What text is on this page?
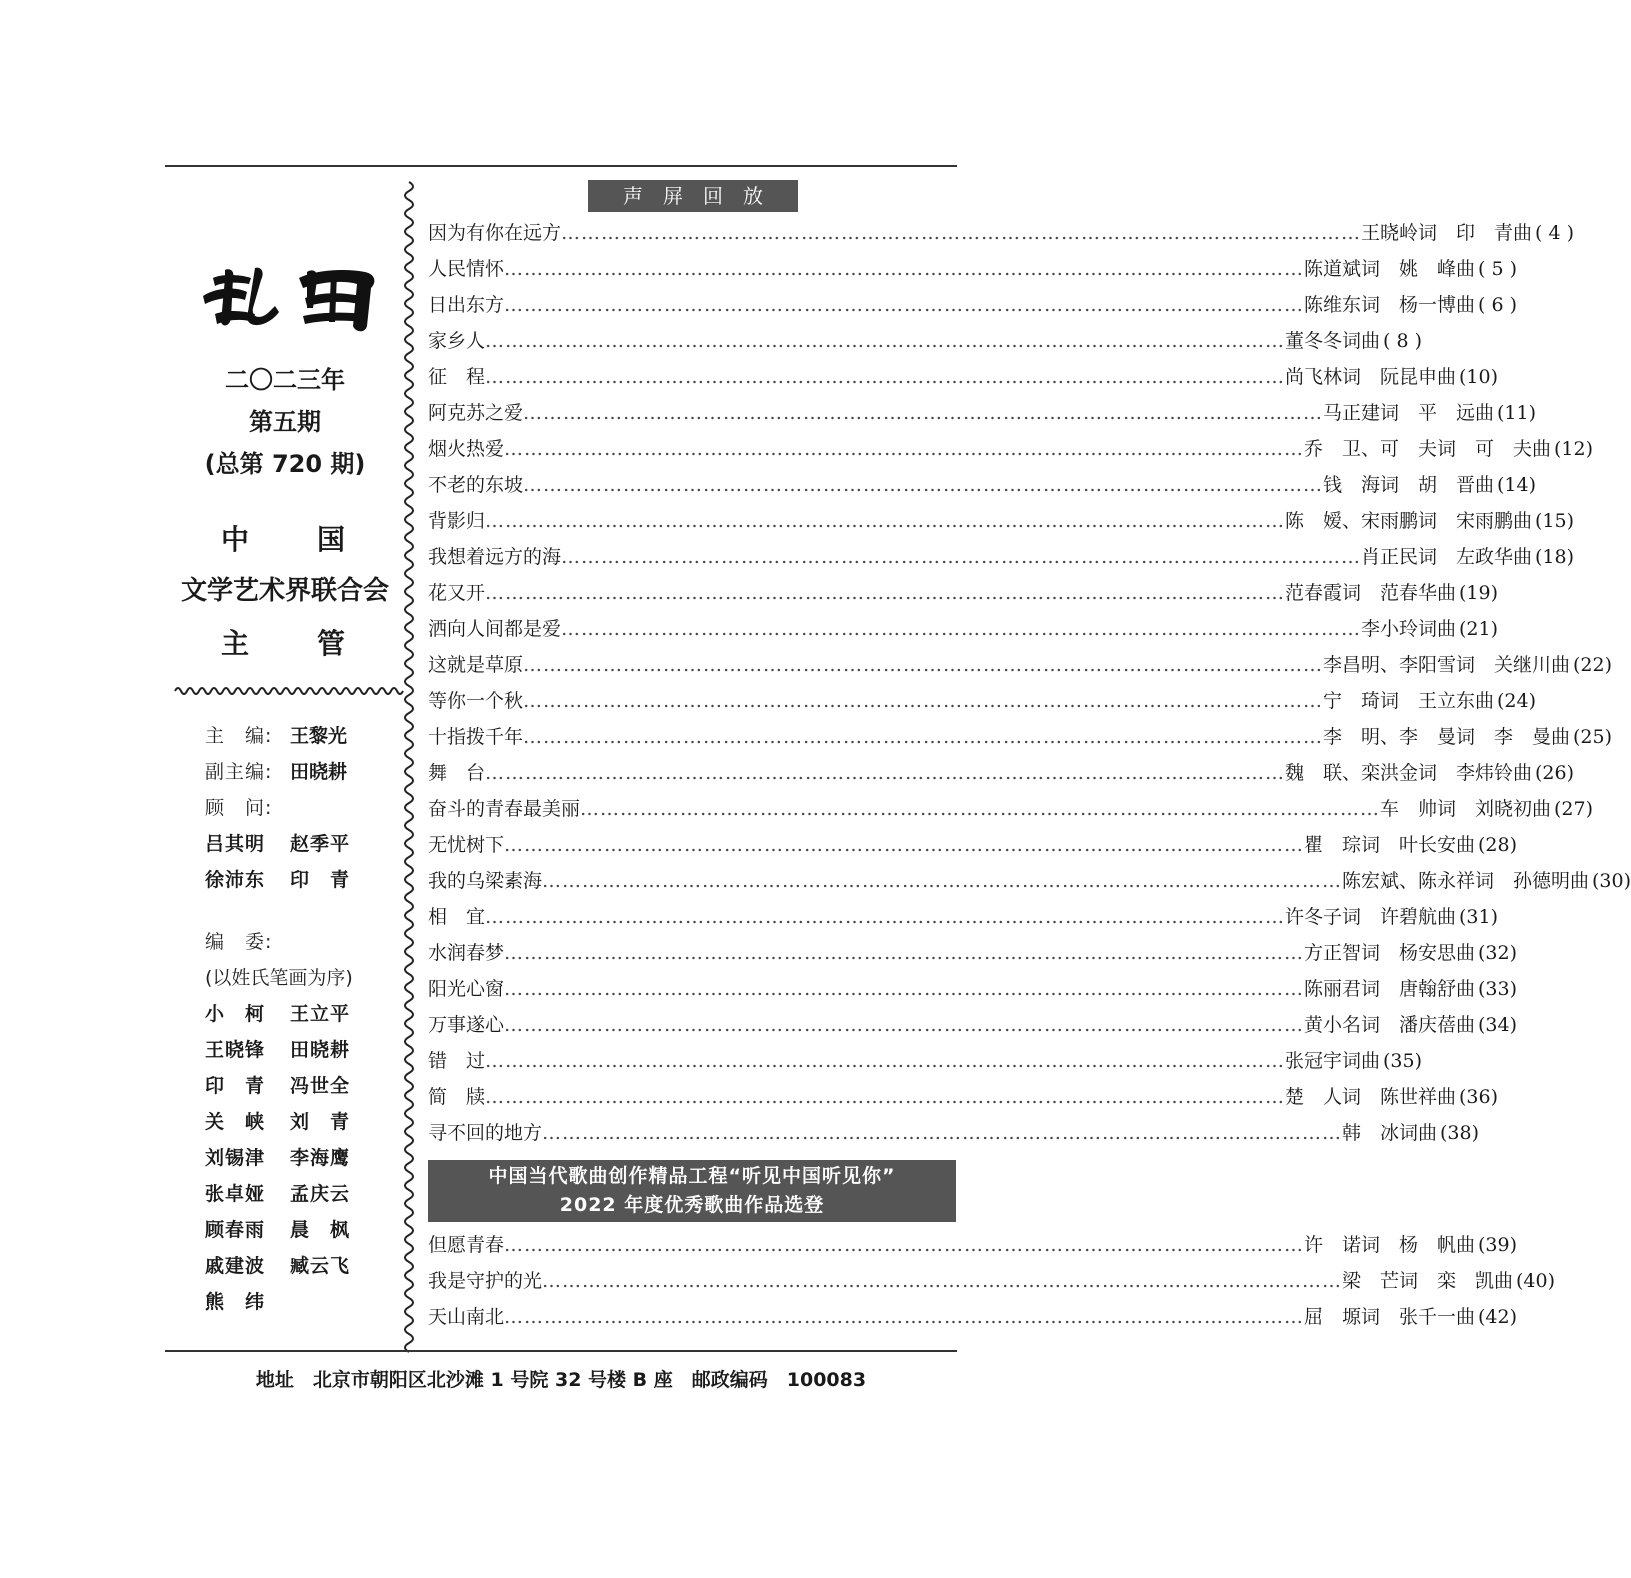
二〇二三年
第五期
(总第 720 期)
中　　国
文学艺术界联合会
主　　管
主　编: 王黎光
副主编: 田晓耕
顾　问:
吕其明	赵季平
徐沛东	印　青
编　委:
(以姓氏笔画为序)
小　柯	王立平
王晓锋	田晓耕
印　青	冯世全
关　峡	刘　青
刘锡津	李海鹰
张卓娅	孟庆云
顾春雨	晨　枫
戚建波	臧云飞
熊　纬
声屏回放
因为有你在远方 ………………………………………………………………………………………………………… 王晓岭词　印　青曲 ( 4 )
人民情怀 ………………………………………………………………………………………………………… 陈道斌词　姚　峰曲 ( 5 )
日出东方 ………………………………………………………………………………………………………… 陈维东词　杨一博曲 ( 6 )
家乡人 ………………………………………………………………………………………………………… 董冬冬词曲 ( 8 )
征　程 ………………………………………………………………………………………………………… 尚飞林词　阮昆申曲 (10)
阿克苏之爱 ………………………………………………………………………………………………………… 马正建词　平　远曲 (11)
烟火热爱 ………………………………………………………………………………………………………… 乔　卫、可　夫词　可　夫曲 (12)
不老的东坡 ………………………………………………………………………………………………………… 钱　海词　胡　晋曲 (14)
背影归 ………………………………………………………………………………………………………… 陈　嫒、宋雨鹏词　宋雨鹏曲 (15)
我想着远方的海 ………………………………………………………………………………………………………… 肖正民词　左政华曲 (18)
花又开 ………………………………………………………………………………………………………… 范春霞词　范春华曲 (19)
洒向人间都是爱 ………………………………………………………………………………………………………… 李小玲词曲 (21)
这就是草原 ………………………………………………………………………………………………………… 李昌明、李阳雪词　关继川曲 (22)
等你一个秋 ………………………………………………………………………………………………………… 宁　琦词　王立东曲 (24)
十指拨千年 ………………………………………………………………………………………………………… 李　明、李　曼词　李　曼曲 (25)
舞　台 ………………………………………………………………………………………………………… 魏　联、栾洪金词　李炜铃曲 (26)
奋斗的青春最美丽 ………………………………………………………………………………………………………… 车　帅词　刘晓初曲 (27)
无忧树下 ………………………………………………………………………………………………………… 瞿　琮词　叶长安曲 (28)
我的乌梁素海 ………………………………………………………………………………………………………… 陈宏斌、陈永祥词　孙德明曲 (30)
相　宜 ………………………………………………………………………………………………………… 许冬子词　许碧航曲 (31)
水润春梦 ………………………………………………………………………………………………………… 方正智词　杨安思曲 (32)
阳光心窗 ………………………………………………………………………………………………………… 陈丽君词　唐翰舒曲 (33)
万事遂心 ………………………………………………………………………………………………………… 黄小名词　潘庆蓓曲 (34)
错　过 ………………………………………………………………………………………………………… 张冠宇词曲 (35)
简　牍 ………………………………………………………………………………………………………… 楚　人词　陈世祥曲 (36)
寻不回的地方 ………………………………………………………………………………………………………… 韩　冰词曲 (38)
中国当代歌曲创作精品工程“听见中国听见你”
2022 年度优秀歌曲作品选登
但愿青春 ………………………………………………………………………………………………………… 许　诺词　杨　帆曲 (39)
我是守护的光 ………………………………………………………………………………………………………… 梁　芒词　栾　凯曲 (40)
天山南北 ………………………………………………………………………………………………………… 屈　塬词　张千一曲 (42)
地址　北京市朝阳区北沙滩 1 号院 32 号楼 B 座　邮政编码　100083
